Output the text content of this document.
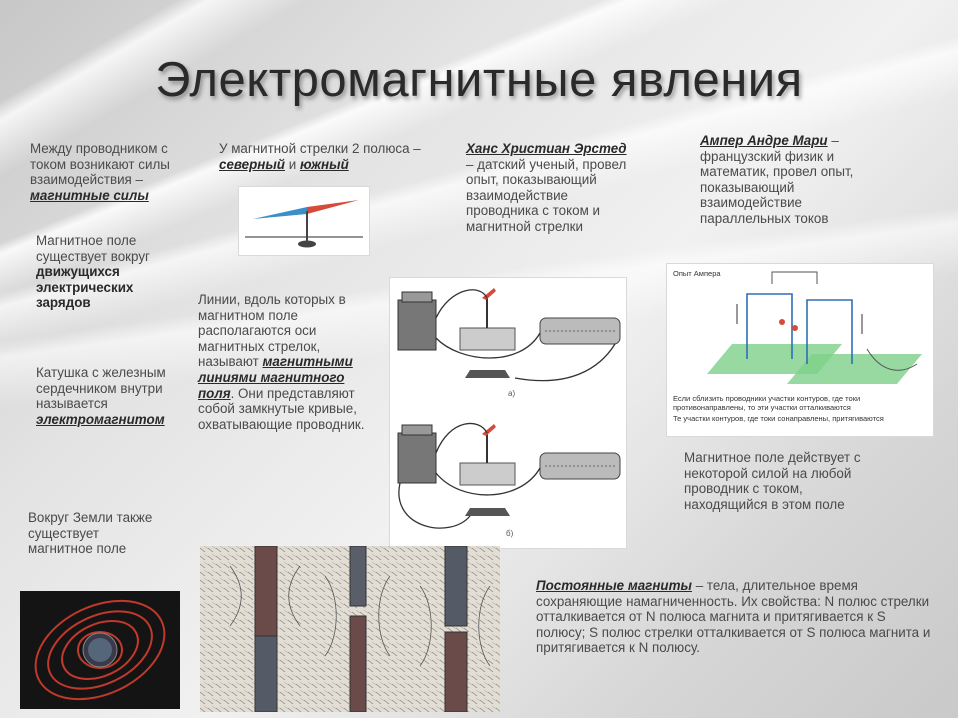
Электромагнитные явления
Между проводником с током возникают силы взаимодействия – магнитные силы
У магнитной стрелки 2 полюса – северный и южный
Ханс Христиан Эрстед – датский ученый, провел опыт, показывающий взаимодействие проводника с током и магнитной стрелки
Ампер Андре Мари – французский физик и математик, провел опыт, показывающий взаимодействие параллельных токов
Магнитное поле существует вокруг движущихся электрических зарядов
а)
б)
Опыт Ампера
Если сблизить проводники участки контуров, где токи противонаправлены, то эти участки отталкиваются
Те участки контуров, где токи сонаправлены, притягиваются
Линии, вдоль которых в магнитном поле располагаются оси магнитных стрелок, называют магнитными линиями магнитного поля. Они представляют собой замкнутые кривые, охватывающие проводник.
Катушка с железным сердечником внутри называется электромагнитом
Магнитное поле действует с некоторой силой на любой проводник с током, находящийся в этом поле
Вокруг Земли также существует магнитное поле
Постоянные магниты – тела, длительное время сохраняющие намагниченность. Их свойства: N полюс стрелки отталкивается от N полюса магнита и притягивается к S полюсу; S полюс стрелки отталкивается от S полюса магнита и притягивается к N полюсу.
